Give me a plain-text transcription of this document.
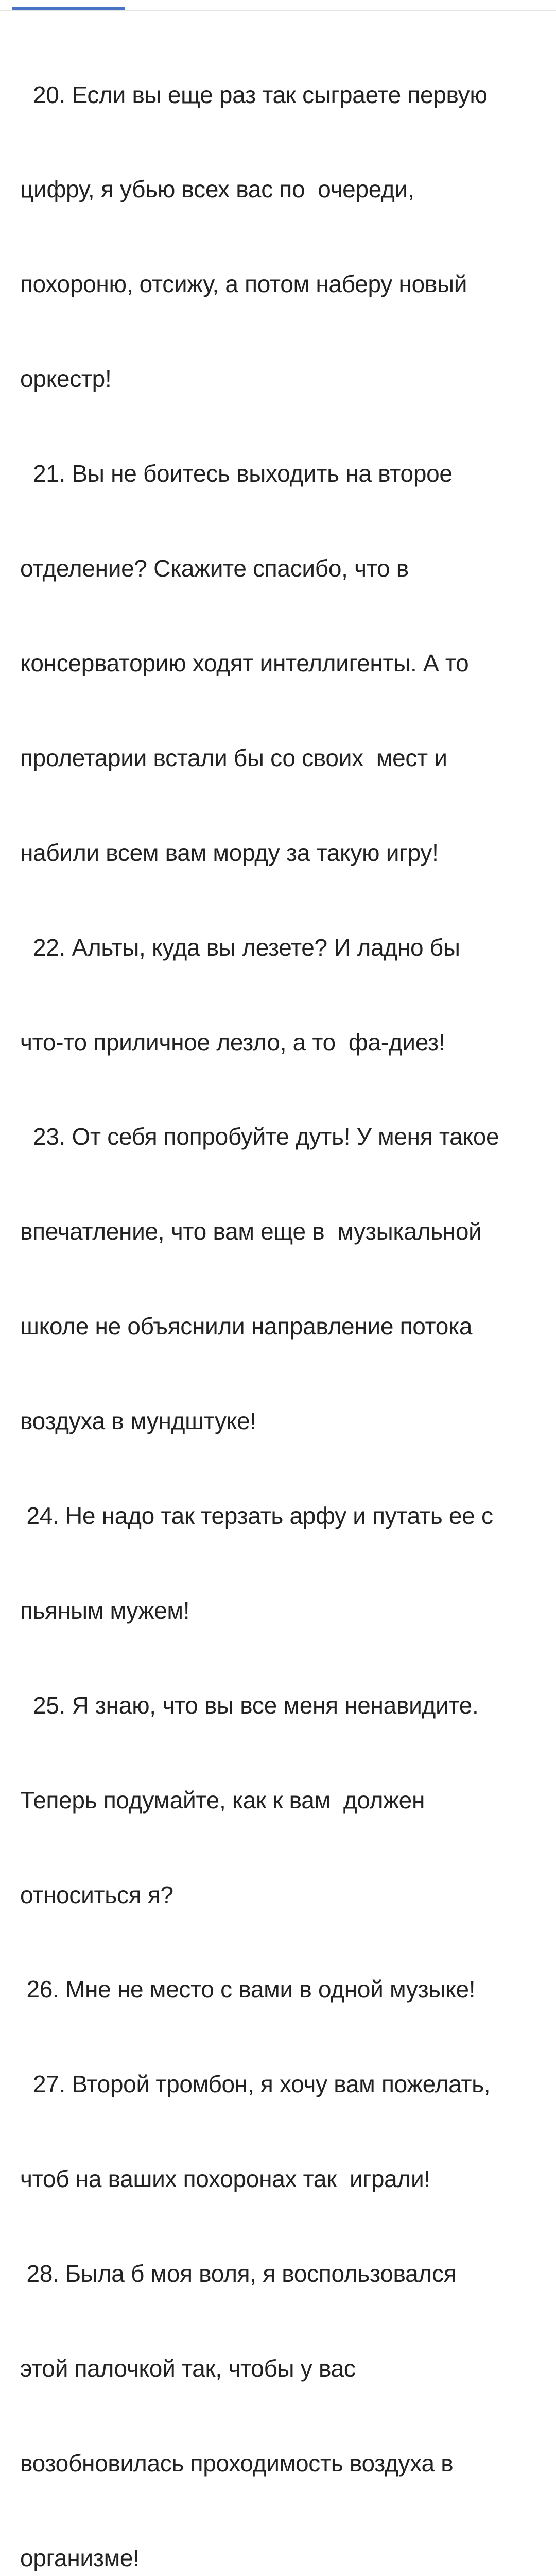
20. Если вы еще раз так сыграете первую

цифру, я убью всех вас по  очереди,

похороню, отсижу, а потом наберу новый

оркестр!

21. Вы не боитесь выходить на второе

отделение? Скажите спасибо, что в

консерваторию ходят интеллигенты. А то

пролетарии встали бы со своих  мест и

набили всем вам морду за такую игру!

22. Альты, куда вы лезете? И ладно бы

что-то приличное лезло, а то  фа-диез!

23. От себя попробуйте дуть! У меня такое

впечатление, что вам еще в  музыкальной

школе не объяснили направление потока

воздуха в мундштуке!

24. Не надо так терзать арфу и путать ее с

пьяным мужем!

25. Я знаю, что вы все меня ненавидите.

Теперь подумайте, как к вам  должен

относиться я?

26. Мне не место с вами в одной музыке!

27. Второй тромбон, я хочу вам пожелать,

чтоб на ваших похоронах так  играли!

28. Была б моя воля, я воспользовался

этой палочкой так, чтобы у вас

возобновилась проходимость воздуха в

организме!
